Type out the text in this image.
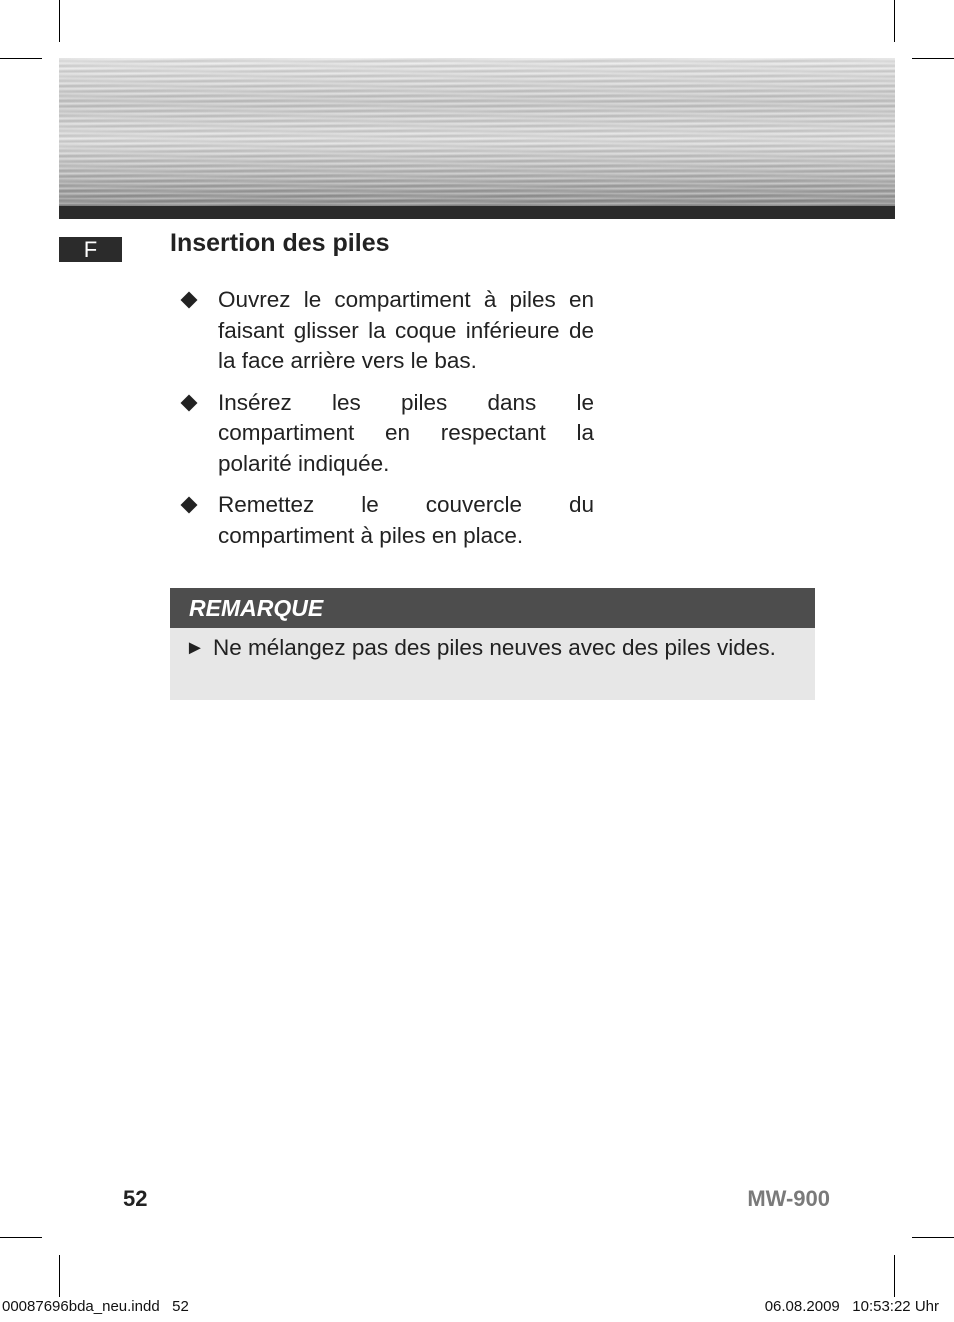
F	Insertion des piles
Ouvrez le compartiment à piles en faisant glisser la coque inférieure de la face arrière vers le bas.
Insérez les piles dans le compartiment en respectant la polarité indiquée.
Remettez le couvercle du compartiment à piles en place.
REMARQUE
► Ne mélangez pas des piles neuves avec des piles vides.
52	MW-900
00087696bda_neu.indd   52	06.08.2009   10:53:22 Uhr
